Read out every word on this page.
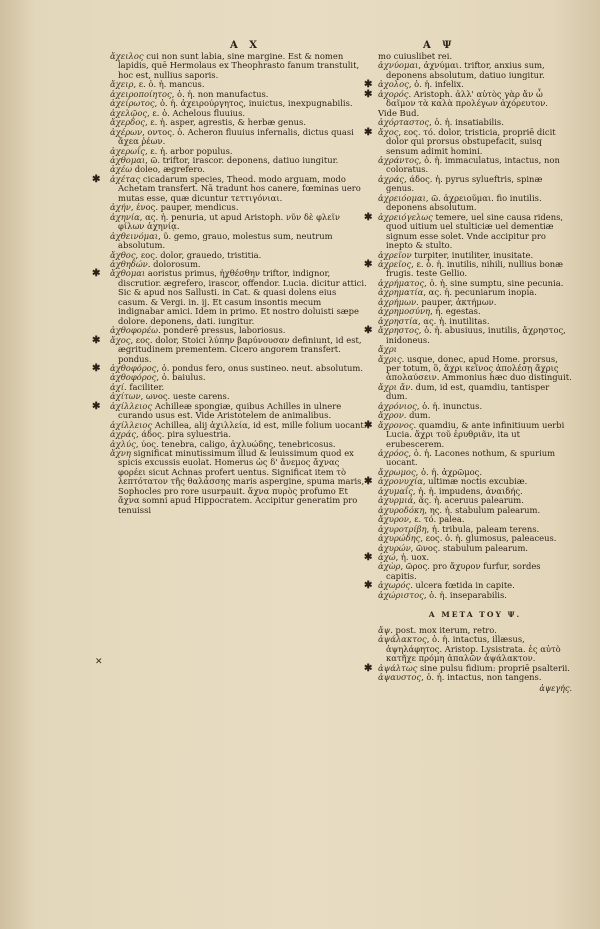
A X	A Ψ
ἄχειλος cui non sunt labia, sine margine. Est & nomen lapidis, quē Hermolaus ex Theophrasto fanum transtulit, hoc est, nullius saporis.
ἄχειρ, ε. ὁ. ἡ. mancus.
ἀχειροποίητος, ὁ. ἡ. non manufactus.
ἀχείρωτος, ὁ. ἡ. ἀχειρούργητος, inuictus, inexpugnabilis.
ἀχελῷος, ε. ὁ. Achelous fluuius.
ἄχερδος, ε. ἡ. asper, agrestis, & herbæ genus.
ἀχέρων, οντος. ὁ. Acheron fluuius infernalis, dictus quasi ἄχεα ῥέων.
ἀχερωΐς, ε. ἡ. arbor populus.
ἀχθομαι, ῶ. triftor, irascor. deponens, datiuo iungitur.
ἀχέω doleo, ægrefero.
✱ ἀχέτας cicadarum species, Theod. modo arguam, modo Achetam transfert. Nā tradunt hos canere, fœminas uero mutas esse, quæ dicuntur τεττιγόνιαι.
ἀχήν, ένος. pauper, mendicus.
ἀχηνία, ας. ἡ. penuria, ut apud Aristoph. νῦν δὲ φλεῖν φίλων ἀχηνίᾳ.
ἀχθεινόμαι, ῦ. gemo, grauo, molestus sum, neutrum absolutum.
ἄχθος, εος. dolor, grauedo, tristitia.
ἀχθηδών. dolorosum.
✱ ἄχθομαι aoristus primus, ἠχθέσθην triftor, indignor, discrutior. ægrefero, irascor, offendor. Lucia. dicitur attici. Sic & apud nos Sallusti. in Cat. & quasi dolens eius casum. & Vergi. in. ij. Et casum insontis mecum indignabar amici. Idem in primo. Et nostro doluisti sæpe dolore. deponens, dati. iungitur.
ἀχθοφορέω. ponderē pressus, laboriosus.
✱ ἄχος, εος. dolor, Stoici λύπην βαρύνουσαν definiunt, id est, ægritudinem prementem. Cicero angorem transfert. pondus.
✱ ἀχθοφόρος, ὁ. pondus fero, onus sustineo. neut. absolutum.
ἀχθοφόρος, ὁ. baiulus.
ἀχί. faciliter.
ἀχίτων, ωνος. ueste carens.
✱ ἀχίλλειος Achilleæ spongiæ, quibus Achilles in ulnere curando usus est. Vide Aristotelem de animalibus.
ἀχίλλειος Achillea, alij ἀχιλλεία, id est, mille folium uocant.
ἀχράς, άδος. pira syluestria.
ἀχλύς, ύος. tenebra, caligo, ἀχλυώδης, tenebricosus.
ἄχνη significat minutissimum illud & leuissimum quod ex spicis excussis euolat. Homerus ὡς δ' ἄνεμος ἄχνας φορέει sicut Achnas profert uentus. Significat item τὸ λεπτότατον τῆς θαλάσσης maris aspergine, spuma maris, Sophocles pro rore usurpauit. ἄχνα πυρὸς profumo Et ἄχνα somni apud Hippocratem. Accipitur generatim pro tenuissi
mo cuiuslibet rei.
ἀχνύομαι, ἀχνύμαι. triftor, anxius sum, deponens absolutum, datiuo iungitur.
✱ ἀχολος, ὁ. ἡ. infelix.
✱ ἀχορός. Aristoph. ἀλλ' αὐτὸς γὰρ ἄν ὦ δαῖμον τὰ καλὰ προλέγων ἀχόρευτον.
Vide Bud.
ἀχόρταστος, ὁ. ἡ. insatiabilis.
✱ ἄχος, εος. τό. dolor, tristicia, propriē dicit dolor qui prorsus obstupefacit, suisq sensum adimit homini.
ἀχράντος, ὁ. ἡ. immaculatus, intactus, non coloratus.
ἀχράς, άδος. ἡ. pyrus sylueftris, spinæ genus.
ἀχρειόομαι, ῶ. ἀχρειοῦμαι. fio inutilis. deponens absolutum.
✱ ἀχρειόγελως temere, uel sine causa ridens, quod uitium uel stulticiæ uel dementiæ signum esse solet. Vnde accipitur pro inepto & stulto.
ἀχρεῖον turpiter, inutiliter, inusitate.
✱ ἀχρεῖος, ε. ὁ. ἡ. inutilis, nihili, nullius bonæ frugis. teste Gellio.
ἀχρήματος, ὁ. ἡ. sine sumptu, sine pecunia.
ἀχρηματία, ας. ἡ. pecuniarum inopia.
ἀχρήμων. pauper, ἀκτήμων.
ἀχρημοσύνη, ἡ. egestas.
ἀχρηστία, ας. ἡ. inutilitas.
✱ ἄχρηστος, ὁ. ἡ. abusiuus, inutilis, ἄχρηστος, inidoneus.
ἄχρι
ἄχρις. usque, donec, apud Home. prorsus, per totum, ὃ, ἄχρι κεῖνος ἀπολέσῃ ἄχρις ἀπολαύσειν. Ammonius hæc duo distinguit.
ἄχρι ἄν. dum, id est, quamdiu, tantisper dum.
ἀχρόνιος, ὁ. ἡ. inunctus.
ἄχρον. dum.
✱ ἄχρονος. quamdiu, & ante infinitiuum uerbi Lucia. ἄχρι τοῦ ἐρυθριᾶν, ita ut erubescerem.
ἀχρόος, ὁ. ἡ. Lacones nothum, & spurium uocant.
ἄχρωμος, ὁ. ἡ. ἀχρῶμος.
✱ ἀχρονυχία, ultimæ noctis excubiæ.
ἀχυμαΐς, ἡ. ἡ. impudens, ἀναιδής.
ἀχυρμιά, ᾶς. ἡ. aceruus palearum.
ἀχυροδόκη, ης. ἡ. stabulum palearum.
ἄχυρον, ε. τό. palea.
ἀχυροτρίβη, ἡ. tribula, paleam terens.
ἀχυρώδης, εος. ὁ. ἡ. glumosus, paleaceus.
ἀχυρών, ῶνος. stabulum palearum.
✱ ἀχώ, ἡ. uox.
ἀχὼρ, ῶρος. pro ἄχυρον furfur, sordes capitis.
✱ ἀχωρός. ulcera fœtida in capite.
ἀχώριστος, ὁ. ἡ. inseparabilis.
A META TOY Ψ.
ἄψ. post. mox iterum, retro.
ἀψάλακτος, ὁ. ἡ. intactus, illæsus, ἀψηλάφητος. Aristop. Lysistrata. ἐς αὐτὸ κατῆχε πρόμη ἀπαλῶν ἀψάλακτον.
✱ ἀψάλτως sine pulsu fidium: propriē psalterii.
ἀψαυστος, ὁ. ἡ. intactus, non tangens.
ἀψεγής.
✕
